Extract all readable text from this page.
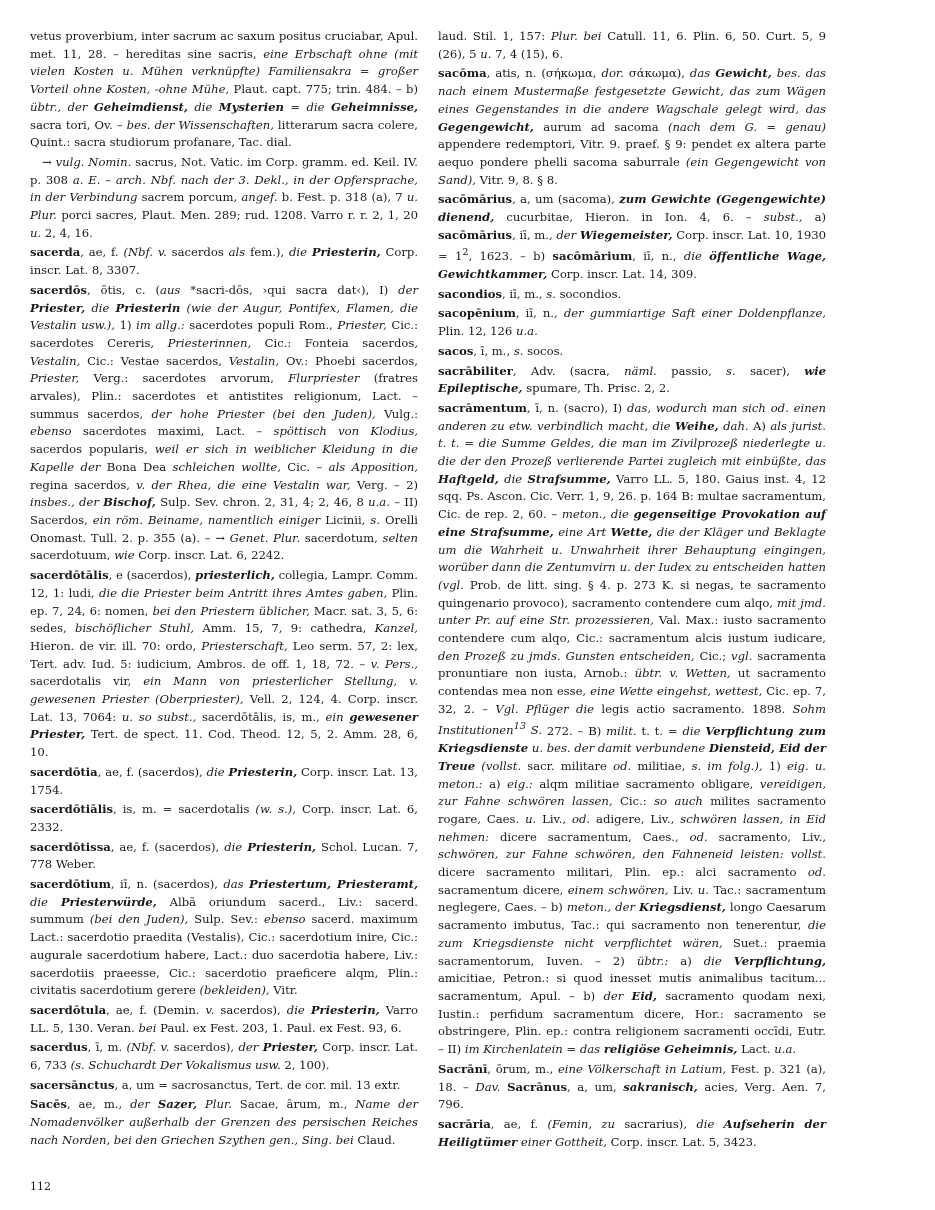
vetus proverbium, inter sacrum ac saxum positus cruciabar, Apul. met. 11, 28. – hereditas sine sacris, eine Erbschaft ohne (mit vielen Kosten u. Mühen verknüpfte) Familiensakra = großer Vorteil ohne Kosten, -ohne Mühe, Plaut. capt. 775; trin. 484. – b) übtr., der Geheimdienst, die Mysterien = die Geheimnisse, sacra tori, Ov. – bes. der Wissenschaften, litterarum sacra colere, Quint.: sacra studiorum profanare, Tac. dial.

→ vulg. Nomin. sacrus, Not. Vatic. im Corp. gramm. ed. Keil. IV. p. 308 a. E. – arch. Nbf. nach der 3. Dekl., in der Opfersprache, in der Verbindung sacrem porcum, angef. b. Fest. p. 318 (a), 7 u. Plur. porci sacres, Plaut. Men. 289; rud. 1208. Varro r. r. 2, 1, 20 u. 2, 4, 16.

sacerda, ae, f. (Nbf. v. sacerdos als fem.), die Priesterin, Corp. inscr. Lat. 8, 3307.

sacerdōs, ōtis, c. (aus *sacri-dōs, ›qui sacra dat‹), I) der Priester, die Priesterin (wie der Augur, Pontifex, Flamen, die Vestalin usw.), 1) im allg.: sacerdotes populi Rom., Priester, Cic.: sacerdotes Cereris, Priesterinnen, Cic.: Fonteia sacerdos, Vestalin, Cic.: Vestae sacerdos, Vestalin, Ov.: Phoebi sacerdos, Priester, Verg.: sacerdotes arvorum, Flurpriester (fratres arvales), Plin.: sacerdotes et antistites religionum, Lact. – summus sacerdos, der hohe Priester (bei den Juden), Vulg.: ebenso sacerdotes maximi, Lact. – spöttisch von Klodius, sacerdos popularis, weil er sich in weiblicher Kleidung in die Kapelle der Bona Dea schleichen wollte, Cic. – als Apposition, regina sacerdos, v. der Rhea, die eine Vestalin war, Verg. – 2) insbes., der Bischof, Sulp. Sev. chron. 2, 31, 4; 2, 46, 8 u.a. – II) Sacerdos, ein röm. Beiname, namentlich einiger Licinii, s. Orelli Onomast. Tull. 2. p. 355 (a). – → Genet. Plur. sacerdotum, selten sacerdotuum, wie Corp. inscr. Lat. 6, 2242.

sacerdōtālis, e (sacerdos), priesterlich, collegia, Lampr. Comm. 12, 1: ludi, die die Priester beim Antritt ihres Amtes gaben, Plin. ep. 7, 24, 6: nomen, bei den Priestern üblicher, Macr. sat. 3, 5, 6: sedes, bischöflicher Stuhl, Amm. 15, 7, 9: cathedra, Kanzel, Hieron. de vir. ill. 70: ordo, Priesterschaft, Leo serm. 57, 2: lex, Tert. adv. Iud. 5: iudicium, Ambros. de off. 1, 18, 72. – v. Pers., sacerdotalis vir, ein Mann von priesterlicher Stellung, v. gewesenen Priester (Oberpriester), Vell. 2, 124, 4. Corp. inscr. Lat. 13, 7064: u. so subst., sacerdōtālis, is, m., ein gewesener Priester, Tert. de spect. 11. Cod. Theod. 12, 5, 2. Amm. 28, 6, 10.

sacerdōtia, ae, f. (sacerdos), die Priesterin, Corp. inscr. Lat. 13, 1754.

sacerdōtiālis, is, m. = sacerdotalis (w. s.), Corp. inscr. Lat. 6, 2332.

sacerdōtissa, ae, f. (sacerdos), die Priesterin, Schol. Lucan. 7, 778 Weber.

sacerdōtium, iī, n. (sacerdos), das Priestertum, Priesteramt, die Priesterwürde, Albā oriundum sacerd., Liv.: sacerd. summum (bei den Juden), Sulp. Sev.: ebenso sacerd. maximum Lact.: sacerdotio praedita (Vestalis), Cic.: sacerdotium inire, Cic.: augurale sacerdotium habere, Lact.: duo sacerdotia habere, Liv.: sacerdotiis praeesse, Cic.: sacerdotio praeficere alqm, Plin.: civitatis sacerdotium gerere (bekleiden), Vitr.

sacerdōtula, ae, f. (Demin. v. sacerdos), die Priesterin, Varro LL. 5, 130. Veran. bei Paul. ex Fest. 203, 1. Paul. ex Fest. 93, 6.

sacerdus, ī, m. (Nbf. v. sacerdos), der Priester, Corp. inscr. Lat. 6, 733 (s. Schuchardt Der Vokalismus usw. 2, 100).

sacersānctus, a, um = sacrosanctus, Tert. de cor. mil. 13 extr.

Sacēs, ae, m., der Sazer, Plur. Sacae, ārum, m., Name der Nomadenvölker außerhalb der Grenzen des persischen Reiches nach Norden, bei den Griechen Szythen gen., Sing. bei Claud.

laud. Stil. 1, 157: Plur. bei Catull. 11, 6. Plin. 6, 50. Curt. 5, 9 (26), 5 u. 7, 4 (15), 6.

sacōma, atis, n. (σήκωμα, dor. σάκωμα), das Gewicht, bes. das nach einem Mustermaße festgesetzte Gewicht, das zum Wägen eines Gegenstandes in die andere Wagschale gelegt wird, das Gegengewicht, aurum ad sacoma (nach dem G. = genau) appendere redemptori, Vitr. 9. praef. § 9: pendet ex altera parte aequo pondere phelli sacoma saburrale (ein Gegengewicht von Sand), Vitr. 9, 8. § 8.

sacōmārius, a, um (sacoma), zum Gewichte (Gegengewichte) dienend, cucurbitae, Hieron. in Ion. 4, 6. – subst., a) sacōmārius, iī, m., der Wiegemeister, Corp. inscr. Lat. 10, $1930 = 1^2$, 1623. – b) sacōmārium, iī, n., die öffentliche Wage, Gewichtkammer, Corp. inscr. Lat. 14, 309.

sacondios, iī, m., s. socondios.

sacopēnium, iī, n., der gummiartige Saft einer Doldenpflanze, Plin. 12, 126 u.a.

sacos, ī, m., s. socos.

sacrābiliter, Adv. (sacra, näml. passio, s. sacer), wie Epileptische, spumare, Th. Prisc. 2, 2.

sacrāmentum, ī, n. (sacro), I) das, wodurch man sich od. einen anderen zu etw. verbindlich macht, die Weihe, dah. A) als jurist. t. t. = die Summe Geldes, die man im Zivilprozeß niederlegte u. die der den Prozeß verlierende Partei zugleich mit einbüßte, das Haftgeld, die Strafsumme, Varro LL. 5, 180. Gaius inst. 4, 12 sqq. Ps. Ascon. Cic. Verr. 1, 9, 26. p. 164 B: multae sacramentum, Cic. de rep. 2, 60. – meton., die gegenseitige Provokation auf eine Strafsumme, eine Art Wette, die der Kläger und Beklagte um die Wahrheit u. Unwahrheit ihrer Behauptung eingingen, worüber dann die Zentumvirn u. der Iudex zu entscheiden hatten (vgl. Prob. de litt. sing. § 4. p. 273 K. si negas, te sacramento quingenario provoco), sacramento contendere cum alqo, mit jmd. unter Pr. auf eine Str. prozessieren, Val. Max.: iusto sacramento contendere cum alqo, Cic.: sacramentum alcis iustum iudicare, den Prozeß zu jmds. Gunsten entscheiden, Cic.; vgl. sacramenta pronuntiare non iusta, Arnob.: übtr. v. Wetten, ut sacramento contendas mea non esse, eine Wette eingehst, wettest, Cic. ep. 7, 32, 2. – Vgl. Pflüger die legis actio sacramento. 1898. Sohm Institutionen$^{13}$ S. 272. – B) milit. t. t. = die Verpflichtung zum Kriegsdienste u. bes. der damit verbundene Diensteid, Eid der Treue (vollst. sacr. militare od. militiae, s. im folg.), 1) eig. u. meton.: a) eig.: alqm militiae sacramento obligare, vereidigen, zur Fahne schwören lassen, Cic.: so auch milites sacramento rogare, Caes. u. Liv., od. adigere, Liv., schwören lassen, in Eid nehmen: dicere sacramentum, Caes., od. sacramento, Liv., schwören, zur Fahne schwören, den Fahneneid leisten: vollst. dicere sacramento militari, Plin. ep.: alci sacramento od. sacramentum dicere, einem schwören, Liv. u. Tac.: sacramentum neglegere, Caes. – b) meton., der Kriegsdienst, longo Caesarum sacramento imbutus, Tac.: qui sacramento non tenerentur, die zum Kriegsdienste nicht verpflichtet wären, Suet.: praemia sacramentorum, Iuven. – 2) übtr.: a) die Verpflichtung, amicitiae, Petron.: si quod inesset mutis animalibus tacitum... sacramentum, Apul. – b) der Eid, sacramento quodam nexi, Iustin.: perfidum sacramentum dicere, Hor.: sacramento se obstringere, Plin. ep.: contra religionem sacramenti occīdi, Eutr. – II) im Kirchenlatein = das religiöse Geheimnis, Lact. u.a.

Sacrānī, ōrum, m., eine Völkerschaft in Latium, Fest. p. 321 (a), 18. – Dav. Sacrānus, a, um, sakranisch, acies, Verg. Aen. 7, 796.

sacrāria, ae, f. (Femin, zu sacrarius), die Aufseherin der Heiligtümer einer Gottheit, Corp. inscr. Lat. 5, 3423.

112
